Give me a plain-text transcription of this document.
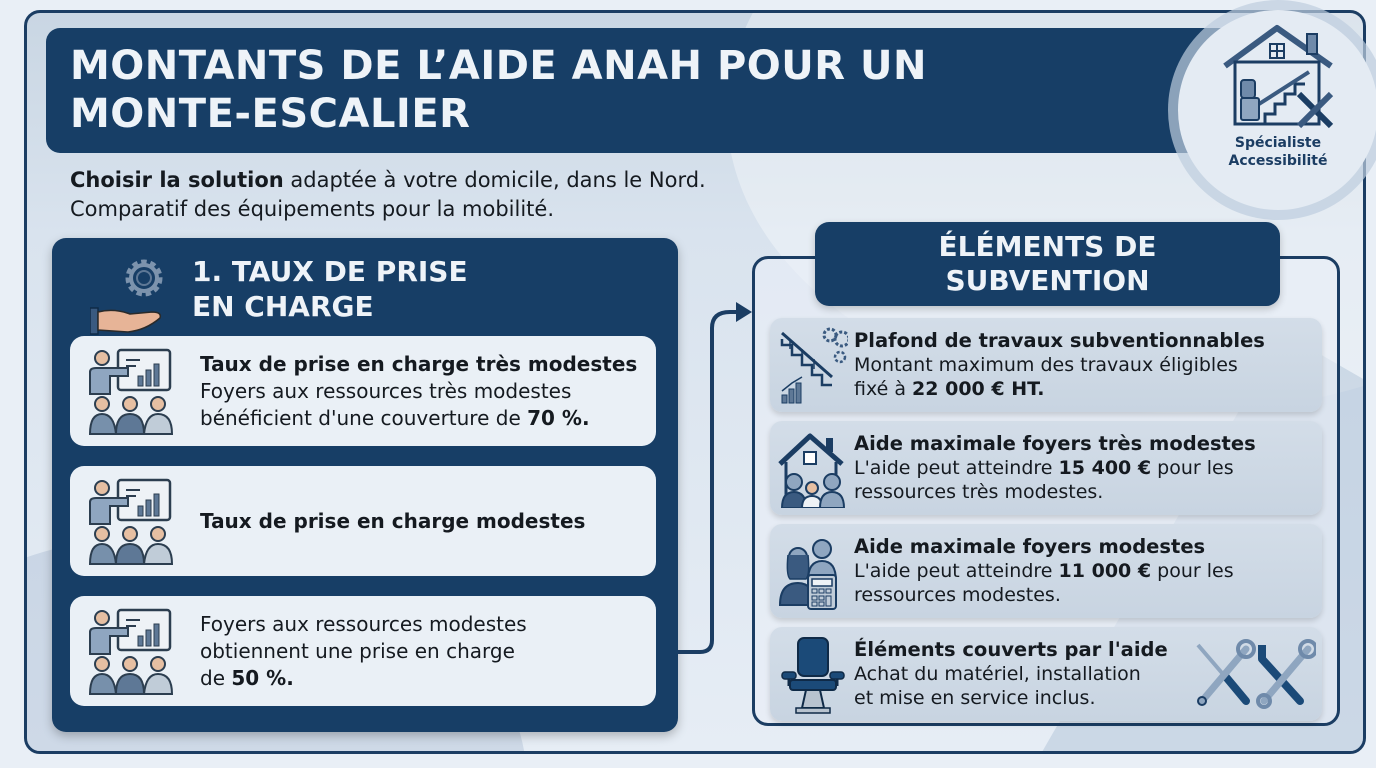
MONTANTS DE L’AIDE ANAH POUR UN
MONTE-ESCALIER
Spécialiste
Accessibilité
Choisir la solution adaptée à votre domicile, dans le Nord.
Comparatif des équipements pour la mobilité.
1. TAUX DE PRISE
EN CHARGE
Taux de prise en charge très modestes
Foyers aux ressources très modestes
bénéficient d'une couverture de 70 %.
Taux de prise en charge modestes
Foyers aux ressources modestes
obtiennent une prise en charge
de 50 %.
ÉLÉMENTS DE
SUBVENTION
Plafond de travaux subventionnables
Montant maximum des travaux éligibles
fixé à 22 000 € HT.
Aide maximale foyers très modestes
L'aide peut atteindre 15 400 € pour les
ressources très modestes.
Aide maximale foyers modestes
L'aide peut atteindre 11 000 € pour les
ressources modestes.
Éléments couverts par l'aide
Achat du matériel, installation
et mise en service inclus.
